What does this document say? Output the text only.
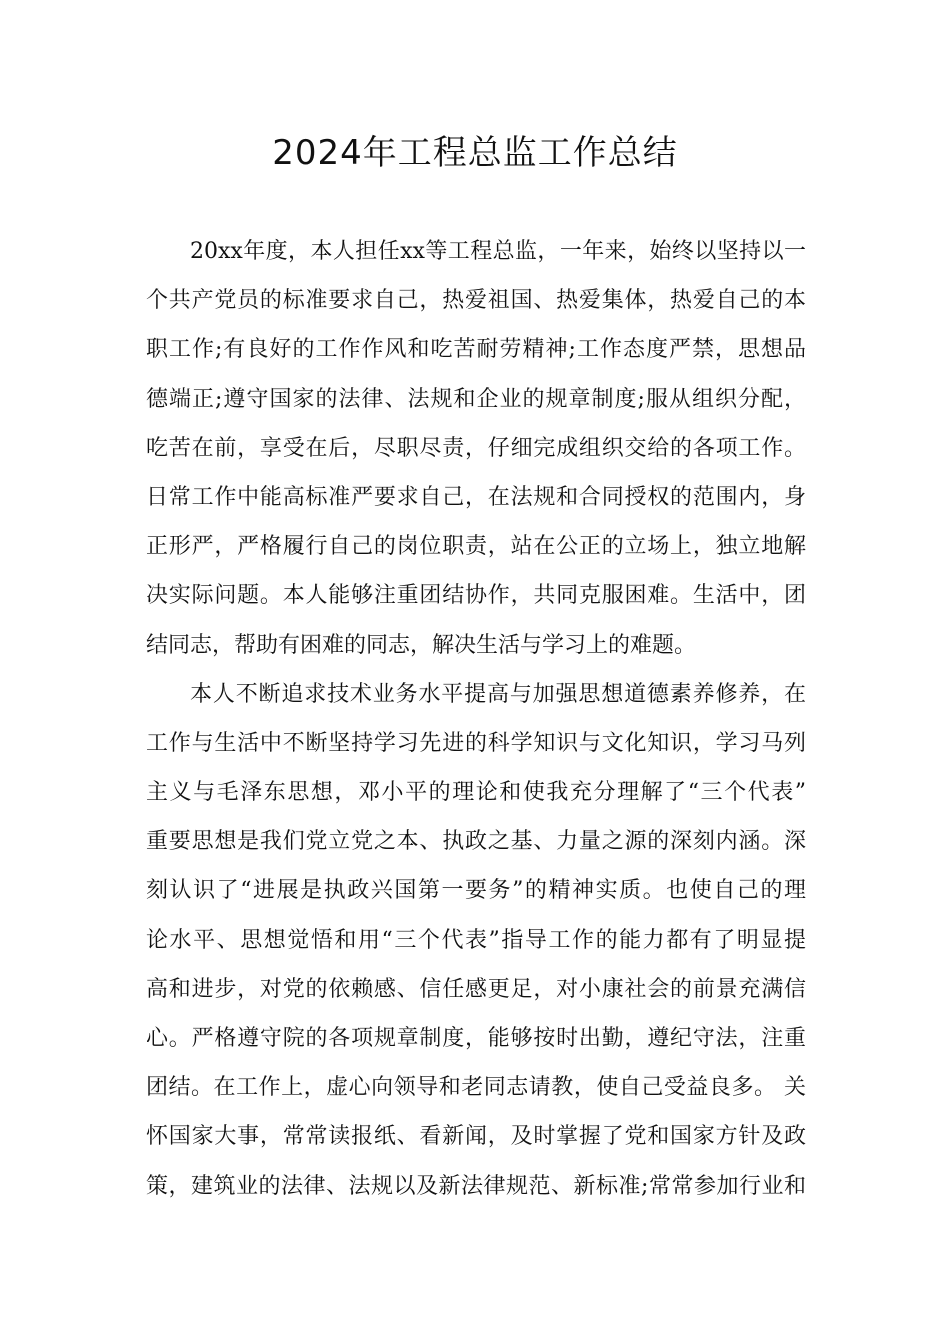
2024年工程总监工作总结
20xx年度，本人担任xx等工程总监，一年来，始终以坚持以一
个共产党员的标准要求自己，热爱祖国、热爱集体，热爱自己的本
职工作;有良好的工作作风和吃苦耐劳精神;工作态度严禁，思想品
德端正;遵守国家的法律、法规和企业的规章制度;服从组织分配，
吃苦在前，享受在后，尽职尽责，仔细完成组织交给的各项工作。
日常工作中能高标准严要求自己，在法规和合同授权的范围内，身
正形严，严格履行自己的岗位职责，站在公正的立场上，独立地解
决实际问题。本人能够注重团结协作，共同克服困难。生活中，团
结同志，帮助有困难的同志，解决生活与学习上的难题。
本人不断追求技术业务水平提高与加强思想道德素养修养，在
工作与生活中不断坚持学习先进的科学知识与文化知识，学习马列
主义与毛泽东思想，邓小平的理论和使我充分理解了“三个代表”
重要思想是我们党立党之本、执政之基、力量之源的深刻内涵。深
刻认识了“进展是执政兴国第一要务”的精神实质。也使自己的理
论水平、思想觉悟和用“三个代表”指导工作的能力都有了明显提
高和进步，对党的依赖感、信任感更足，对小康社会的前景充满信
心。严格遵守院的各项规章制度，能够按时出勤，遵纪守法，注重
团结。在工作上，虚心向领导和老同志请教，使自己受益良多。 关
怀国家大事，常常读报纸、看新闻，及时掌握了党和国家方针及政
策，建筑业的法律、法规以及新法律规范、新标准;常常参加行业和
